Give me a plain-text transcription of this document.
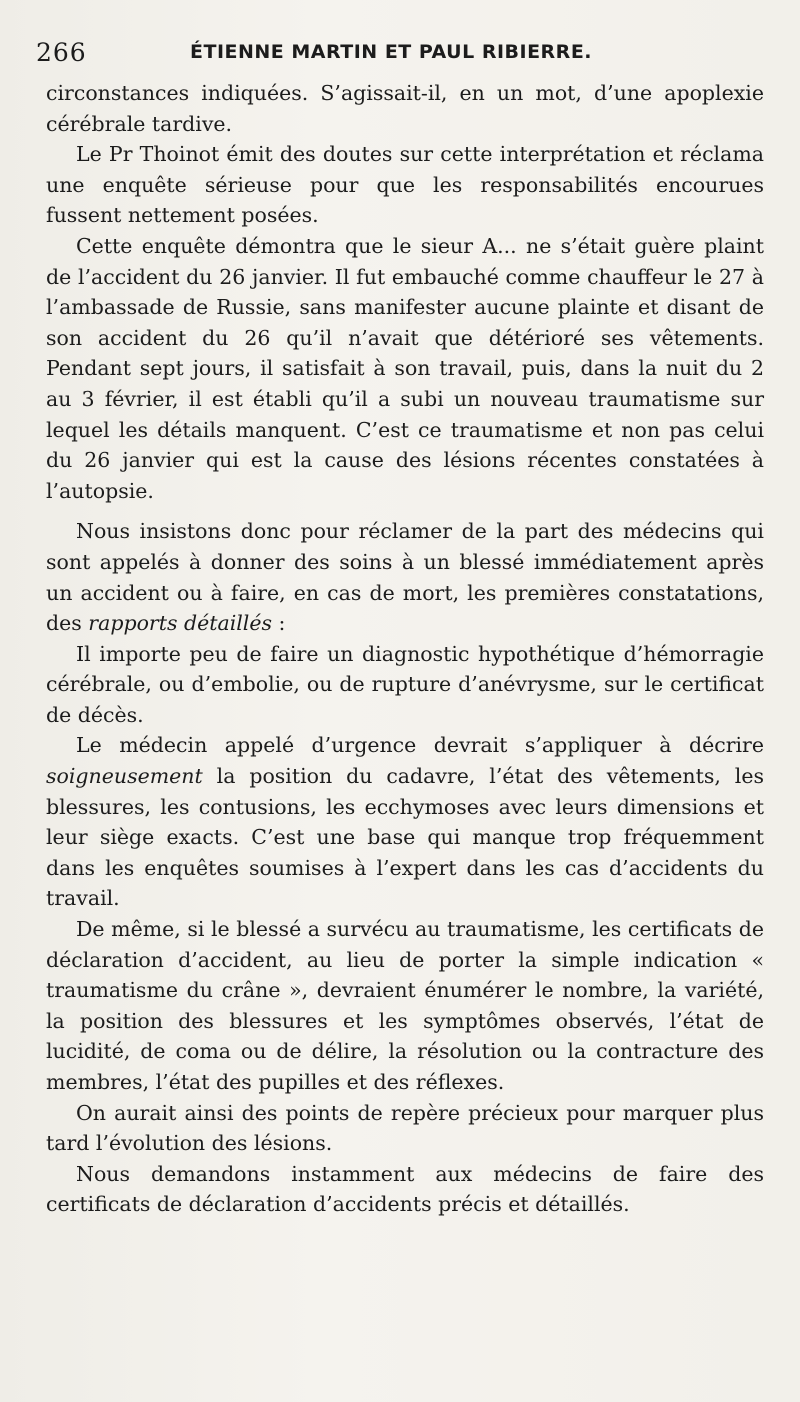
266	ÉTIENNE MARTIN ET PAUL RIBIERRE.

circonstances indiquées. S’agissait-il, en un mot, d’une apoplexie cérébrale tardive.

Le Pr Thoinot émit des doutes sur cette interprétation et réclama une enquête sérieuse pour que les responsabilités encourues fussent nettement posées.

Cette enquête démontra que le sieur A... ne s’était guère plaint de l’accident du 26 janvier. Il fut embauché comme chauffeur le 27 à l’ambassade de Russie, sans manifester aucune plainte et disant de son accident du 26 qu’il n’avait que détérioré ses vêtements. Pendant sept jours, il satisfait à son travail, puis, dans la nuit du 2 au 3 février, il est établi qu’il a subi un nouveau traumatisme sur lequel les détails manquent. C’est ce traumatisme et non pas celui du 26 janvier qui est la cause des lésions récentes constatées à l’autopsie.

Nous insistons donc pour réclamer de la part des médecins qui sont appelés à donner des soins à un blessé immédiatement après un accident ou à faire, en cas de mort, les premières constatations, des rapports détaillés :

Il importe peu de faire un diagnostic hypothétique d’hémorragie cérébrale, ou d’embolie, ou de rupture d’anévrysme, sur le certificat de décès.

Le médecin appelé d’urgence devrait s’appliquer à décrire soigneusement la position du cadavre, l’état des vêtements, les blessures, les contusions, les ecchymoses avec leurs dimensions et leur siège exacts. C’est une base qui manque trop fréquemment dans les enquêtes soumises à l’expert dans les cas d’accidents du travail.

De même, si le blessé a survécu au traumatisme, les certificats de déclaration d’accident, au lieu de porter la simple indication « traumatisme du crâne », devraient énumérer le nombre, la variété, la position des blessures et les symptômes observés, l’état de lucidité, de coma ou de délire, la résolution ou la contracture des membres, l’état des pupilles et des réflexes.

On aurait ainsi des points de repère précieux pour marquer plus tard l’évolution des lésions.

Nous demandons instamment aux médecins de faire des certificats de déclaration d’accidents précis et détaillés.
